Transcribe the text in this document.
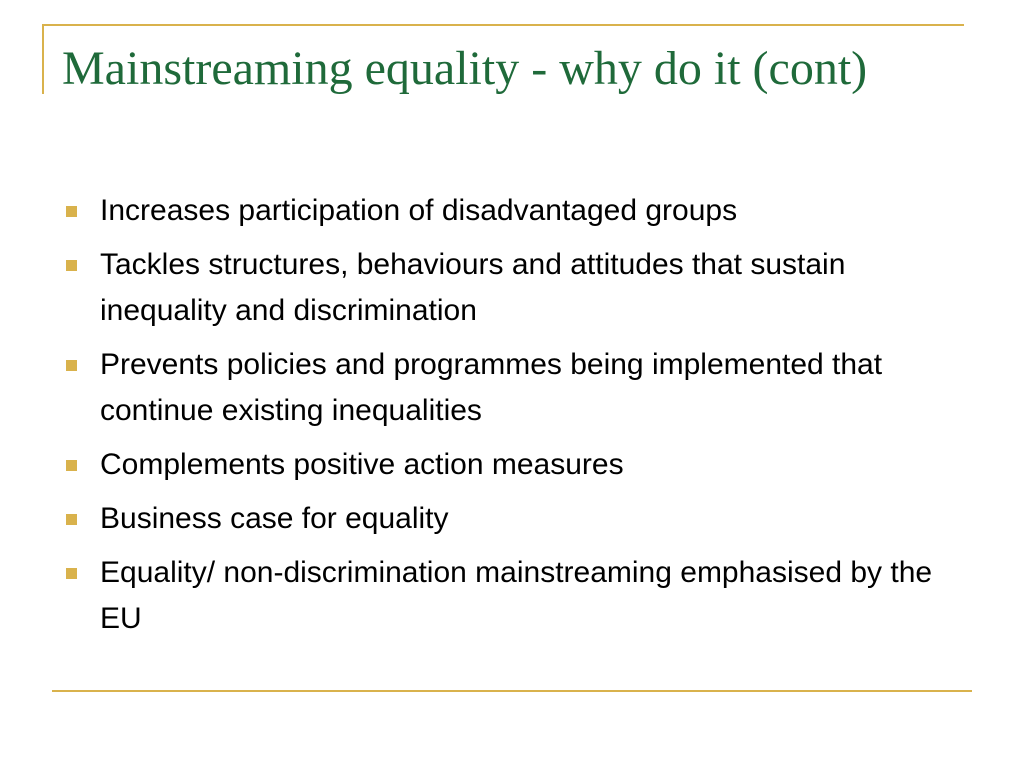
Mainstreaming equality - why do it (cont)
Increases participation of disadvantaged groups
Tackles structures, behaviours and attitudes that sustain inequality and discrimination
Prevents policies and programmes being implemented that continue existing inequalities
Complements positive action measures
Business case for equality
Equality/ non-discrimination mainstreaming emphasised by the EU
